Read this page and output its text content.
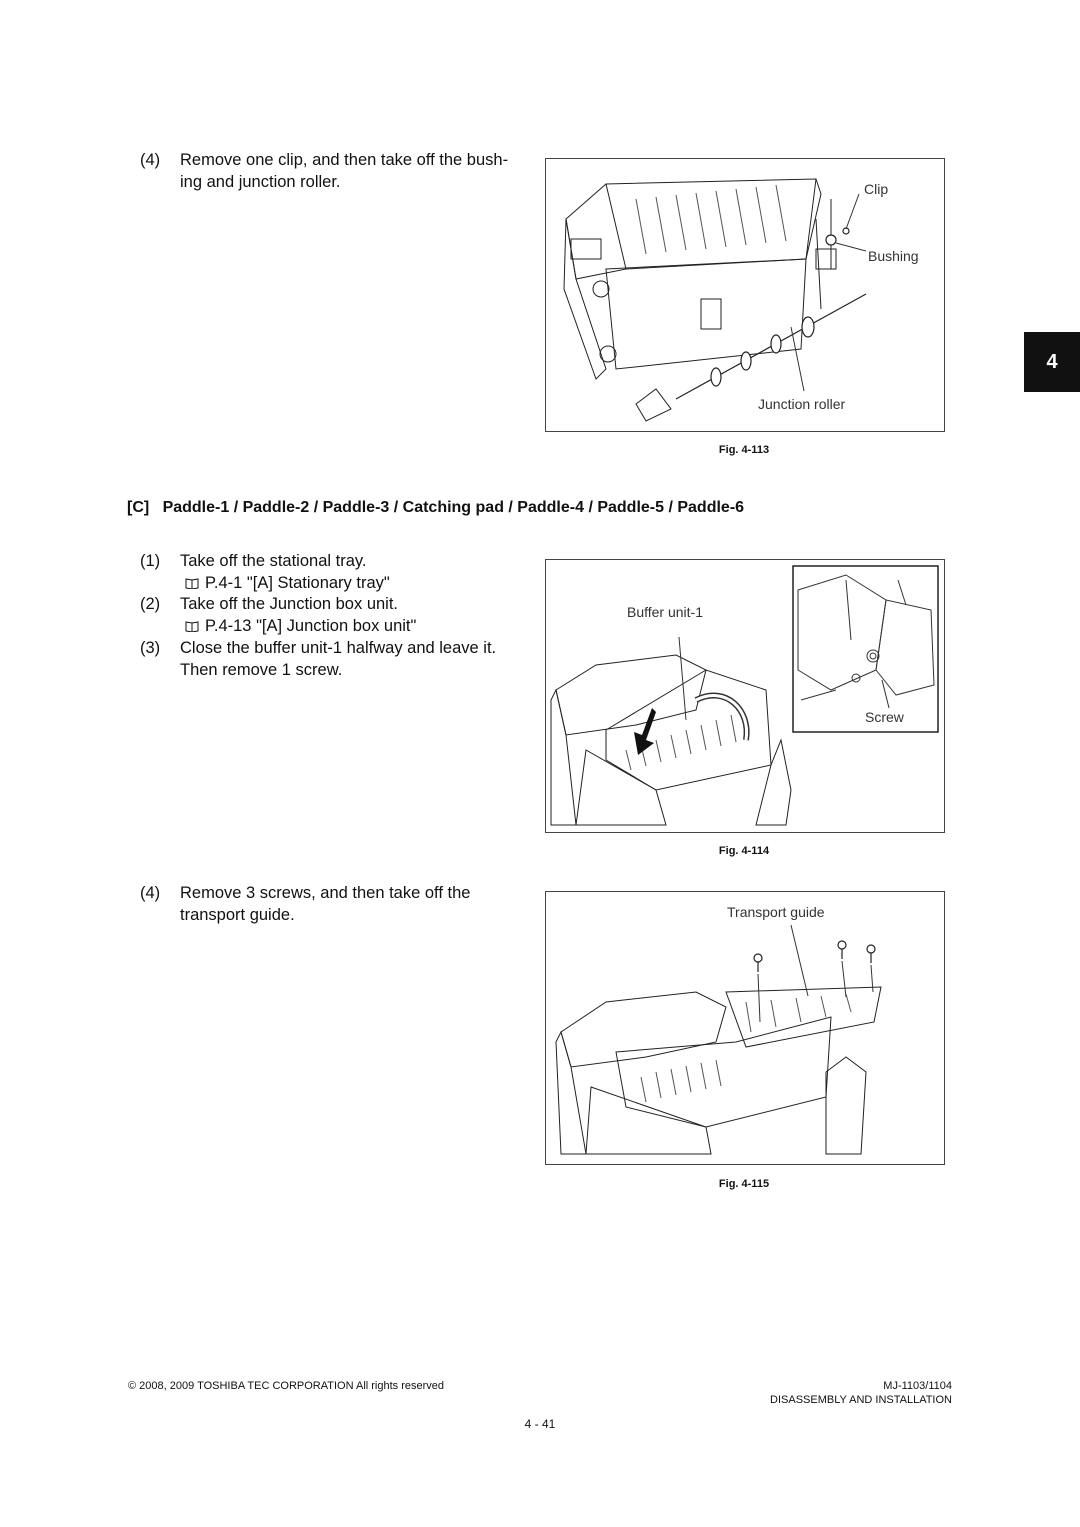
4
(4) Remove one clip, and then take off the bush-
ing and junction roller.	Clip
Bushing
Junction roller
Fig. 4-113
[C] Paddle-1 / Paddle-2 / Paddle-3 / Catching pad / Paddle-4 / Paddle-5 / Paddle-6
(1) Take off the stational tray.
P.4-1 "[A] Stationary tray"
(2) Take off the Junction box unit.
P.4-13 "[A] Junction box unit"
(3) Close the buffer unit-1 halfway and leave it.
Then remove 1 screw.
Buffer unit-1
Screw
Fig. 4-114
(4) Remove 3 screws, and then take off the
transport guide.	Transport guide
Fig. 4-115
© 2008, 2009 TOSHIBA TEC CORPORATION All rights reserved	MJ-1103/1104
DISASSEMBLY AND INSTALLATION
4 - 41
